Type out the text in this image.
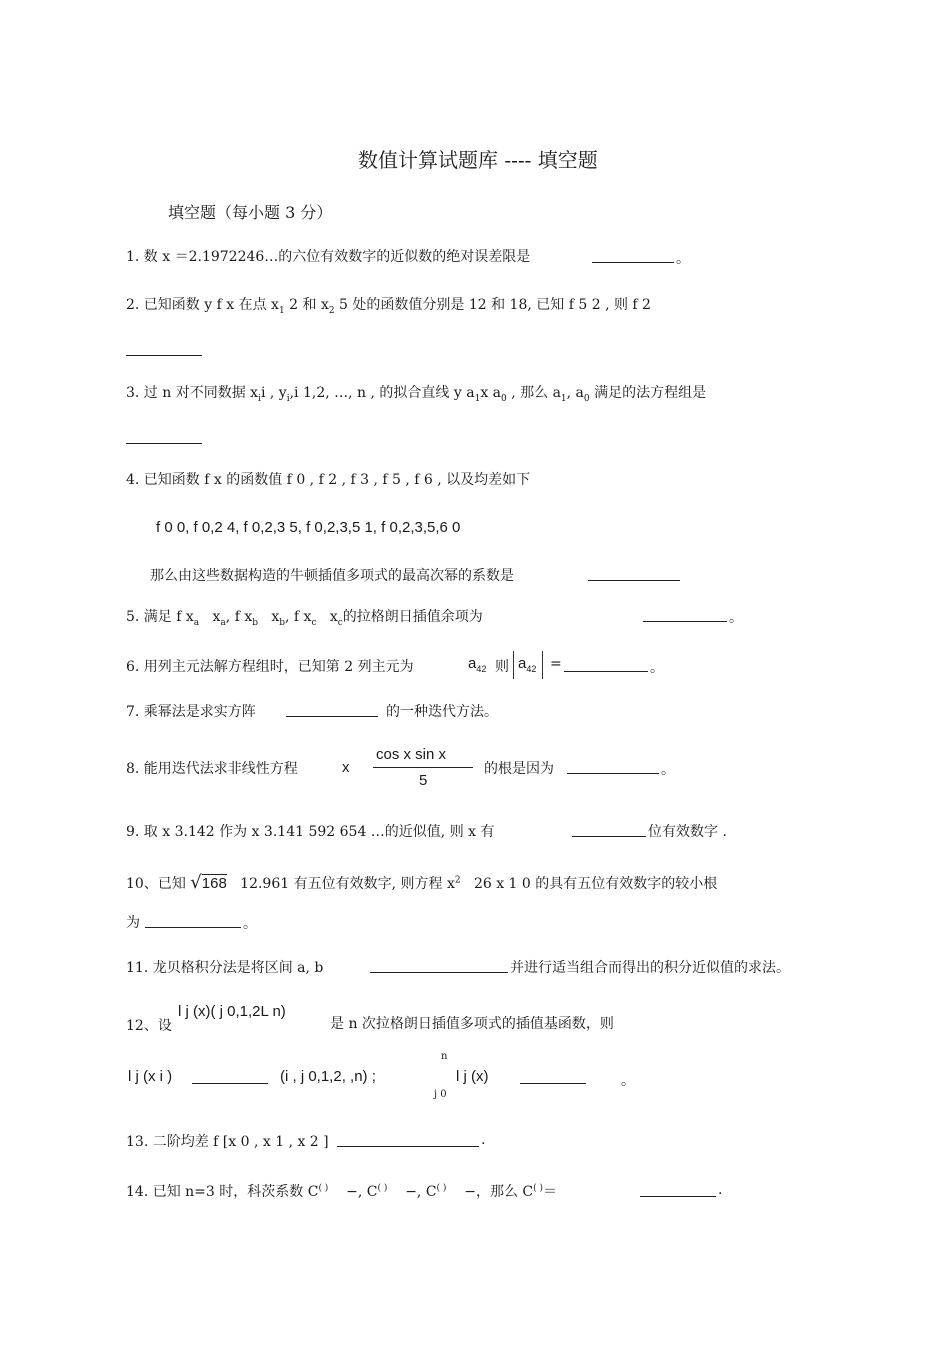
数值计算试题库 ---- 填空题
填空题（每小题 3 分）
1. 数 x ＝2.1972246…的六位有效数字的近似数的绝对误差限是	。
2. 已知函数 y f x 在点 $x_1$ 2 和 $x_2$ 5 处的函数值分别是 12 和 18, 已知 f 5 2 , 则 f 2
3. 过 n 对不同数据 $x_ii$ , $y_i,i$ 1,2, …, n , 的拟合直线 y $a_1x$ $a_0$ , 那么 $a_1$, $a_0$ 满足的法方程组是
4. 已知函数 f x 的函数值 f 0 , f 2 , f 3 , f 5 , f 6 , 以及均差如下
f 0 0, f 0,2 4, f 0,2,3 5, f 0,2,3,5 1, f 0,2,3,5,6 0
那么由这些数据构造的牛顿插值多项式的最高次幂的系数是
5. 满足 f $x_a$   $x_a$, f $x_b$   $x_b$, f $x_c$   $x_c$的拉格朗日插值余项为	。
6. 用列主元法解方程组时，已知第 2 列主元为	$a_{42}$ 则 $a_{42}$ =	。
7. 乘幂法是求实方阵	的一种迭代方法。
8. 能用迭代法求非线性方程	x
cos x sin x
5
的根是因为	。
9. 取 x 3.142 作为 x 3.141 592 654 …的近似值, 则 x 有	位有效数字 .
10、已知 √168 12.961 有五位有效数字, 则方程 $x^2$ 26 x 1 0 的具有五位有效数字的较小根
为	。
11. 龙贝格积分法是将区间 a, b	并进行适当组合而得出的积分近似值的求法。
12、设
l j (x)( j 0,1,2L n)
是 n 次拉格朗日插值多项式的插值基函数，则
l j (x i )	(i , j 0,1,2, ,n) ;
n
j 0
l j (x)	。
13. 二阶均差 f [x 0 , x 1 , x 2 ]	.
14. 已知 n=3 时，科茨系数 C( ) −, C( ) −, C( ) −，那么 C( )＝	.
